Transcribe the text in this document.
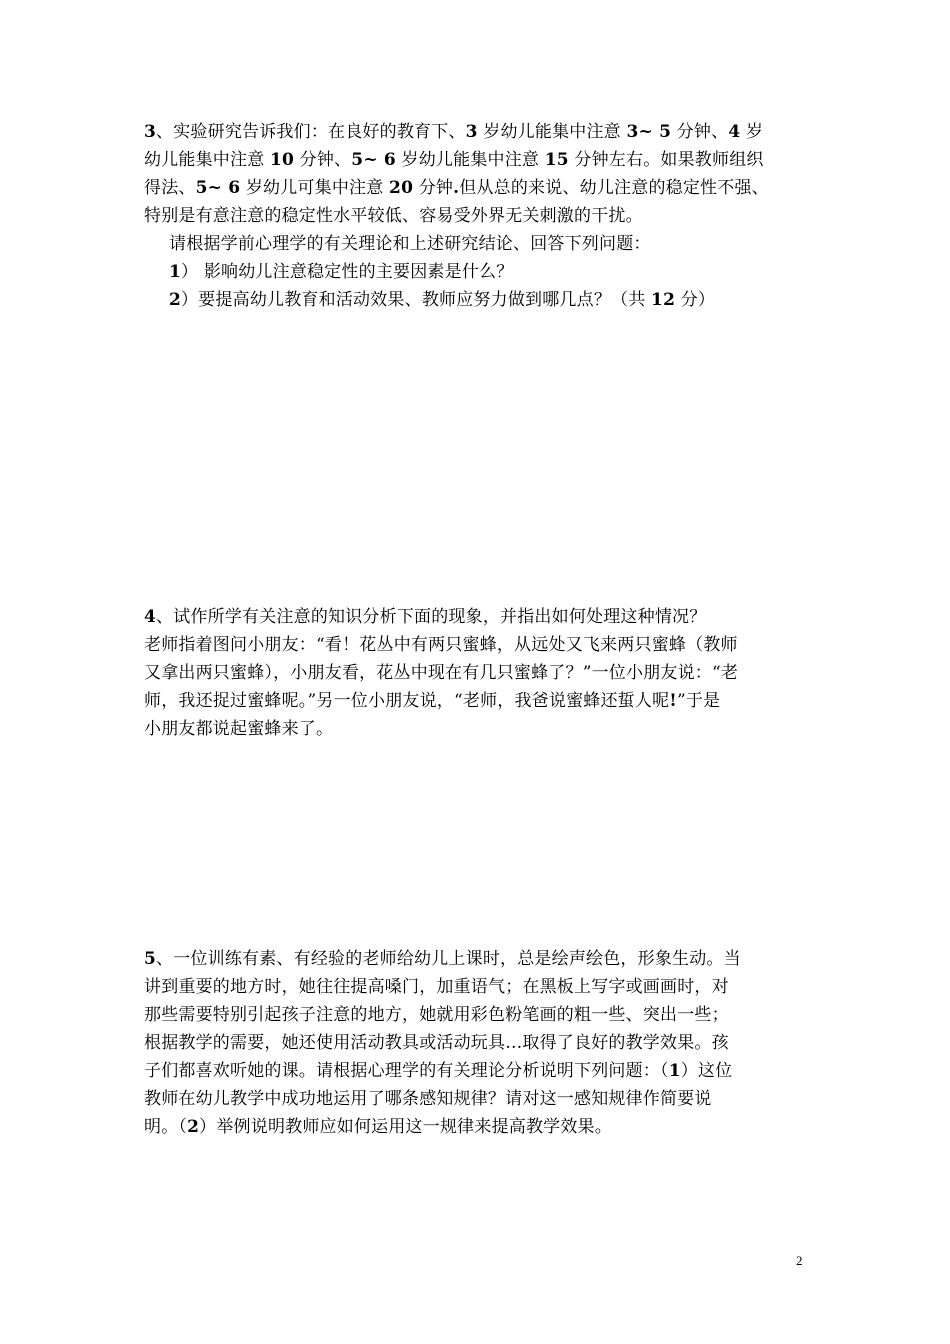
3、实验研究告诉我们：在良好的教育下、3 岁幼儿能集中注意 3~ 5 分钟、4 岁
幼儿能集中注意 10 分钟、5~ 6 岁幼儿能集中注意 15 分钟左右。如果教师组织
得法、5~ 6 岁幼儿可集中注意 20 分钟.但从总的来说、幼儿注意的稳定性不强、
特别是有意注意的稳定性水平较低、容易受外界无关刺激的干扰。
请根据学前心理学的有关理论和上述研究结论、回答下列问题：
1） 影响幼儿注意稳定性的主要因素是什么？
2）要提高幼儿教育和活动效果、教师应努力做到哪几点？（共 12 分）
4、试作所学有关注意的知识分析下面的现象，并指出如何处理这种情况？
老师指着图问小朋友：“看！花丛中有两只蜜蜂，从远处又飞来两只蜜蜂（教师
又拿出两只蜜蜂），小朋友看，花丛中现在有几只蜜蜂了？”一位小朋友说：“老
师，我还捉过蜜蜂呢。”另一位小朋友说，“老师，我爸说蜜蜂还蜇人呢!”于是
小朋友都说起蜜蜂来了。
5、一位训练有素、有经验的老师给幼儿上课时，总是绘声绘色，形象生动。当
讲到重要的地方时，她往往提高嗓门，加重语气；在黑板上写字或画画时，对
那些需要特别引起孩子注意的地方，她就用彩色粉笔画的粗一些、突出一些；
根据教学的需要，她还使用活动教具或活动玩具…取得了良好的教学效果。孩
子们都喜欢听她的课。请根据心理学的有关理论分析说明下列问题：（1）这位
教师在幼儿教学中成功地运用了哪条感知规律？请对这一感知规律作简要说
明。（2）举例说明教师应如何运用这一规律来提高教学效果。
2
